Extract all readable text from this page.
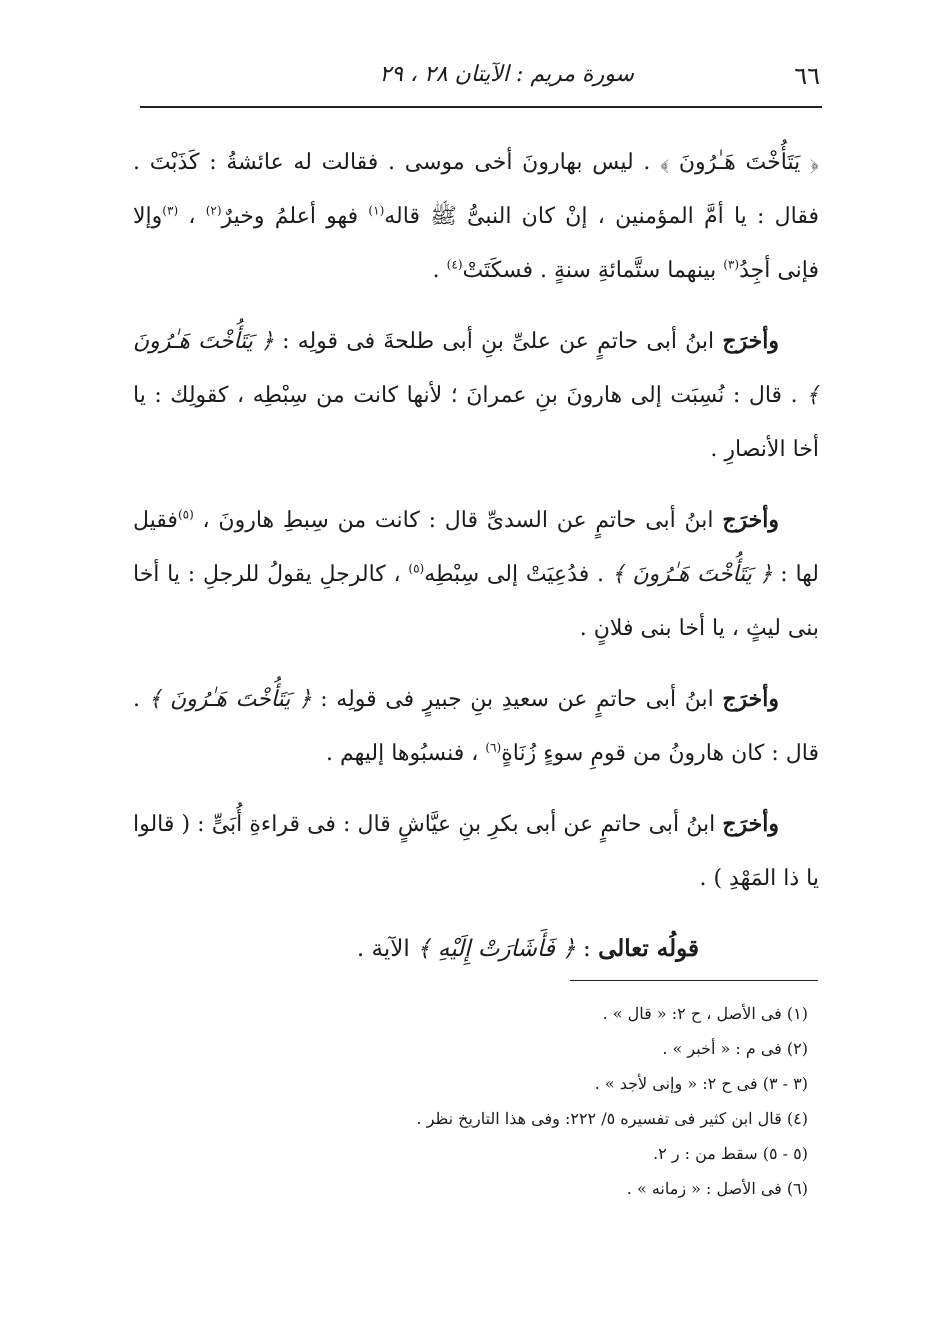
٦٦
سورة مريم : الآيتان ٢٨ ، ٢٩

﴿ يَتَأُخْتَ هَـٰرُونَ ﴾ . ليس بهارونَ أخى موسى . فقالت له عائشةُ : كَذَبْتَ . فقال : يا أمَّ المؤمنين ، إنْ كان النبىُّ ﷺ قاله$^{(١)}$ فهو أعلمُ وخيرٌ$^{(٢)}$ ، $^{(٣)}$وإلا فإنى أجِدُ$^{(٣)}$ بينهما ستَّمائةِ سنةٍ . فسكَتَتْ$^{(٤)}$ .

وأخرَج ابنُ أبى حاتمٍ عن علىِّ بنِ أبى طلحةَ فى قولِه : ﴿ يَتَأُخْتَ هَـٰرُونَ ﴾ . قال : نُسِبَت إلى هارونَ بنِ عمرانَ ؛ لأنها كانت من سِبْطِه ، كقولِك : يا أخا الأنصارِ .

وأخرَج ابنُ أبى حاتمٍ عن السدىِّ قال : كانت من سِبطِ هارونَ ، $^{(٥)}$فقيل لها : ﴿ يَتَأُخْتَ هَـٰرُونَ ﴾ . فدُعِيَتْ إلى سِبْطِه$^{(٥)}$ ، كالرجلِ يقولُ للرجلِ : يا أخا بنى ليثٍ ، يا أخا بنى فلانٍ .

وأخرَج ابنُ أبى حاتمٍ عن سعيدِ بنِ جبيرٍ فى قولِه : ﴿ يَتَأُخْتَ هَـٰرُونَ ﴾ . قال : كان هارونُ من قومِ سوءٍ زُنَاةٍ$^{(٦)}$ ، فنسبُوها إليهم .

وأخرَج ابنُ أبى حاتمٍ عن أبى بكرِ بنِ عيَّاشٍ قال : فى قراءةِ أُبَىٍّ : ( قالوا يا ذا المَهْدِ ) .

قولُه تعالى : ﴿ فَأَشَارَتْ إِلَيْهِ ﴾ الآية .

(١) فى الأصل ، ح ٢: « قال » .
(٢) فى م : « أخبر » .
(٣ - ٣) فى ح ٢: « وإنى لأجد » .
(٤) قال ابن كثير فى تفسيره ٥/ ٢٢٢: وفى هذا التاريخ نظر .
(٥ - ٥) سقط من : ر ٢.
(٦) فى الأصل : « زمانه » .
